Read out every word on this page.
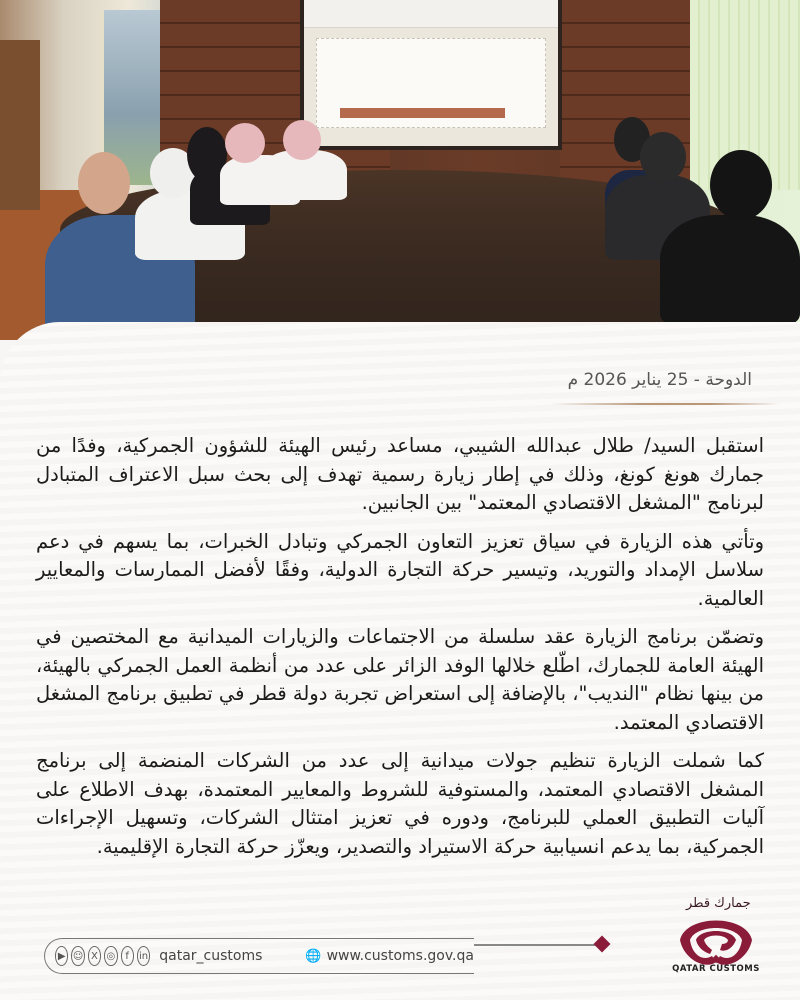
الدوحة - 25 يناير 2026 م

استقبل السيد/ طلال عبدالله الشيبي، مساعد رئيس الهيئة للشؤون الجمركية، وفدًا من جمارك هونغ كونغ، وذلك في إطار زيارة رسمية تهدف إلى بحث سبل الاعتراف المتبادل لبرنامج "المشغل الاقتصادي المعتمد" بين الجانبين.

وتأتي هذه الزيارة في سياق تعزيز التعاون الجمركي وتبادل الخبرات، بما يسهم في دعم سلاسل الإمداد والتوريد، وتيسير حركة التجارة الدولية، وفقًا لأفضل الممارسات والمعايير العالمية.

وتضمّن برنامج الزيارة عقد سلسلة من الاجتماعات والزيارات الميدانية مع المختصين في الهيئة العامة للجمارك، اطّلع خلالها الوفد الزائر على عدد من أنظمة العمل الجمركي بالهيئة، من بينها نظام "النديب"، بالإضافة إلى استعراض تجربة دولة قطر في تطبيق برنامج المشغل الاقتصادي المعتمد.

كما شملت الزيارة تنظيم جولات ميدانية إلى عدد من الشركات المنضمة إلى برنامج المشغل الاقتصادي المعتمد، والمستوفية للشروط والمعايير المعتمدة، بهدف الاطلاع على آليات التطبيق العملي للبرنامج، ودوره في تعزيز امتثال الشركات، وتسهيل الإجراءات الجمركية، بما يدعم انسيابية حركة الاستيراد والتصدير، ويعزّز حركة التجارة الإقليمية.

▶ ☺ X ◎	f	in qatar_customs	🌐 www.customs.gov.qa
جمارك قطر
QATAR CUSTOMS
